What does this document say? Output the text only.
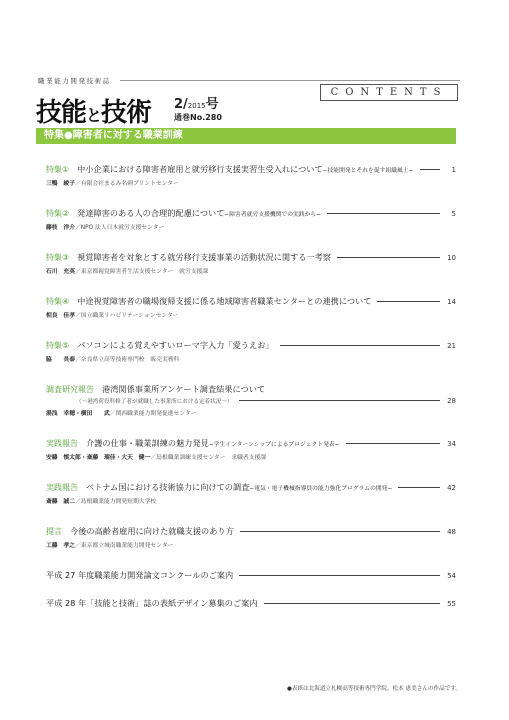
職業能力開発技術誌
技能と技術 2/2015号
通巻No.280
CONTENTS
特集●障害者に対する職業訓練
特集① 中小企業における障害者雇用と就労移行支援実習生受入れについて−技能開発とそれを促す組織風土−	1
三鴨　綾子／有限会社まるみ名刺プリントセンター
特集② 発達障害のある人の合理的配慮について−障害者就労支援機関での実践から−	5
藤枝　洋介／NPO 法人日本就労支援センター
特集③ 視覚障害者を対象とする就労移行支援事業の活動状況に関する一考察	10
石川　充英／東京都視覚障害者生活支援センター　就労支援課
特集④ 中途視覚障害者の職場復帰支援に係る地域障害者職業センターとの連携について	14
相良　佳孝／国立職業リハビリテーションセンター
特集⑤ パソコンによる覚えやすいローマ字入力「愛うえお」	21
脇　　長泰／奈良県立高等技術専門校　販売実務科
調査研究報告 港湾関係事業所アンケート調査結果について
（〜港湾荷役科修了者が就職した事業所における定着状況〜）	28
湯浅　幸穂・横田　　武／関西職業能力開発促進センター
実践報告 介護の仕事・職業訓練の魅力発見−学生インターンシップによるプロジェクト発表−	34
安藤　慎太郎・斎藤　瑠佳・大天　健一／島根職業訓練支援センター　求職者支援課
実践報告 ベトナム国における技術協力に向けての調査−電気・電子機械指導員の能力強化プログラムの開発−	42
斎藤　誠二／島根職業能力開発短期大学校
提言 今後の高齢者雇用に向けた就職支援のあり方	48
工藤　孝之／東京都立城南職業能力開発センター
平成 27 年度職業能力開発論文コンクールのご案内	54
平成 28 年「技能と技術」誌の表紙デザイン募集のご案内	55
●表紙は北海道立札幌高等技術専門学院、松本 恵美さんの作品です。
